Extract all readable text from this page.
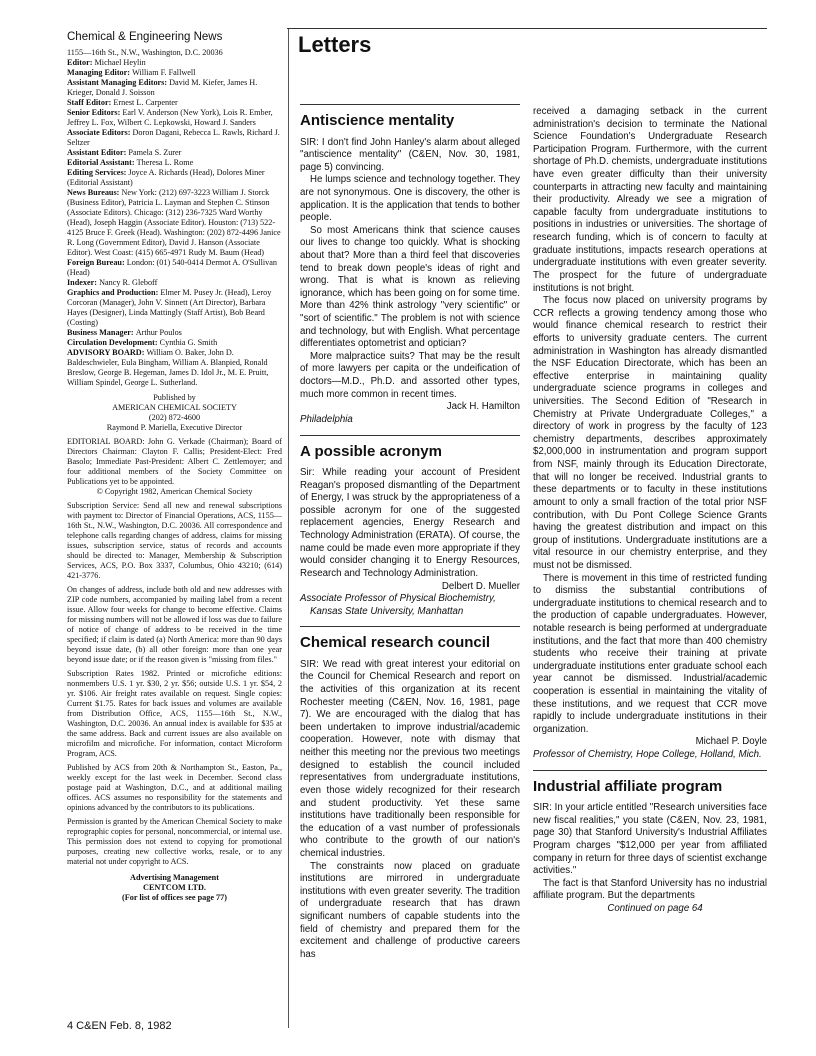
Chemical & Engineering News

1155—16th St., N.W., Washington, D.C. 20036

Editor: Michael Heylin

Managing Editor: William F. Fallwell

Assistant Managing Editors: David M. Kiefer, James H. Krieger, Donald J. Soisson

Staff Editor: Ernest L. Carpenter

Senior Editors: Earl V. Anderson (New York), Lois R. Ember, Jeffrey L. Fox, Wilbert C. Lepkowski, Howard J. Sanders

Associate Editors: Doron Dagani, Rebecca L. Rawls, Richard J. Seltzer

Assistant Editor: Pamela S. Zurer

Editorial Assistant: Theresa L. Rome

Editing Services: Joyce A. Richards (Head), Dolores Miner (Editorial Assistant)

News Bureaus: New York: (212) 697-3223 William J. Storck (Business Editor), Patricia L. Layman and Stephen C. Stinson (Associate Editors). Chicago: (312) 236-7325 Ward Worthy (Head), Joseph Haggin (Associate Editor). Houston: (713) 522-4125 Bruce F. Greek (Head). Washington: (202) 872-4496 Janice R. Long (Government Editor), David J. Hanson (Associate Editor). West Coast: (415) 665-4971 Rudy M. Baum (Head)

Foreign Bureau: London: (01) 540-0414 Dermot A. O'Sullivan (Head)

Indexer: Nancy R. Gleboff

Graphics and Production: Elmer M. Pusey Jr. (Head), Leroy Corcoran (Manager), John V. Sinnett (Art Director), Barbara Hayes (Designer), Linda Mattingly (Staff Artist), Bob Beard (Costing)

Business Manager: Arthur Poulos

Circulation Development: Cynthia G. Smith

ADVISORY BOARD: William O. Baker, John D. Baldeschwieler, Eula Bingham, William A. Blanpied, Ronald Breslow, George B. Hegeman, James D. Idol Jr., M. E. Pruitt, William Spindel, George L. Sutherland.

Published by

AMERICAN CHEMICAL SOCIETY

(202) 872-4600

Raymond P. Mariella, Executive Director

EDITORIAL BOARD: John G. Verkade (Chairman); Board of Directors Chairman: Clayton F. Callis; President-Elect: Fred Basolo; Immediate Past-President: Albert C. Zettlemoyer; and four additional members of the Society Committee on Publications yet to be appointed.

© Copyright 1982, American Chemical Society

Subscription Service: Send all new and renewal subscriptions with payment to: Director of Financial Operations, ACS, 1155—16th St., N.W., Washington, D.C. 20036. All correspondence and telephone calls regarding changes of address, claims for missing issues, subscription service, status of records and accounts should be directed to: Manager, Membership & Subscription Services, ACS, P.O. Box 3337, Columbus, Ohio 43210; (614) 421-3776.

On changes of address, include both old and new addresses with ZIP code numbers, accompanied by mailing label from a recent issue. Allow four weeks for change to become effective. Claims for missing numbers will not be allowed if loss was due to failure of notice of change of address to be received in the time specified; if claim is dated (a) North America: more than 90 days beyond issue date, (b) all other foreign: more than one year beyond issue date; or if the reason given is "missing from files."

Subscription Rates 1982. Printed or microfiche editions: nonmembers U.S. 1 yr. $30, 2 yr. $56; outside U.S. 1 yr. $54, 2 yr. $106. Air freight rates available on request. Single copies: Current $1.75. Rates for back issues and volumes are available from Distribution Office, ACS, 1155—16th St., N.W., Washington, D.C. 20036. An annual index is available for $35 at the same address. Back and current issues are also available on microfilm and microfiche. For information, contact Microform Program, ACS.

Published by ACS from 20th & Northampton St., Easton, Pa., weekly except for the last week in December. Second class postage paid at Washington, D.C., and at additional mailing offices. ACS assumes no responsibility for the statements and opinions advanced by the contributors to its publications.

Permission is granted by the American Chemical Society to make reprographic copies for personal, noncommercial, or internal use. This permission does not extend to copying for promotional purposes, creating new collective works, resale, or to any material not under copyright to ACS.

Advertising Management

CENTCOM LTD.

(For list of offices see page 77)

Letters
Antiscience mentality

SIR: I don't find John Hanley's alarm about alleged "antiscience mentality" (C&EN, Nov. 30, 1981, page 5) convincing.

He lumps science and technology together. They are not synonymous. One is discovery, the other is application. It is the application that tends to bother people.

So most Americans think that science causes our lives to change too quickly. What is shocking about that? More than a third feel that discoveries tend to break down people's ideas of right and wrong. That is what is known as relieving ignorance, which has been going on for some time. More than 42% think astrology "very scientific" or "sort of scientific." The problem is not with science and technology, but with English. What percentage differentiates optometrist and optician?

More malpractice suits? That may be the result of more lawyers per capita or the undeification of doctors—M.D., Ph.D. and assorted other types, much more common in recent times.

Jack H. Hamilton

Philadelphia

A possible acronym

Sir: While reading your account of President Reagan's proposed dismantling of the Department of Energy, I was struck by the appropriateness of a possible acronym for one of the suggested replacement agencies, Energy Research and Technology Administration (ERATA). Of course, the name could be made even more appropriate if they would consider changing it to Energy Resources, Research and Technology Administration.

Delbert D. Mueller

Associate Professor of Physical Biochemistry,

Kansas State University, Manhattan

Chemical research council

SIR: We read with great interest your editorial on the Council for Chemical Research and report on the activities of this organization at its recent Rochester meeting (C&EN, Nov. 16, 1981, page 7). We are encouraged with the dialog that has been undertaken to improve industrial/academic cooperation. However, note with dismay that neither this meeting nor the previous two meetings designed to establish the council included representatives from undergraduate institutions, even those widely recognized for their research and student productivity. Yet these same institutions have traditionally been responsible for the education of a vast number of professionals who contribute to the growth of our nation's chemical industries.

The constraints now placed on graduate institutions are mirrored in undergraduate institutions with even greater severity. The tradition of undergraduate research that has drawn significant numbers of capable students into the field of chemistry and prepared them for the excitement and challenge of productive careers has

received a damaging setback in the current administration's decision to terminate the National Science Foundation's Undergraduate Research Participation Program. Furthermore, with the current shortage of Ph.D. chemists, undergraduate institutions have even greater difficulty than their university counterparts in attracting new faculty and maintaining their productivity. Already we see a migration of capable faculty from undergraduate institutions to positions in industries or universities. The shortage of research funding, which is of concern to faculty at graduate institutions, impacts research operations at undergraduate institutions with even greater severity. The prospect for the future of undergraduate institutions is not bright.

The focus now placed on university programs by CCR reflects a growing tendency among those who would finance chemical research to restrict their efforts to university graduate centers. The current administration in Washington has already dismantled the NSF Education Directorate, which has been an effective enterprise in maintaining quality undergraduate science programs in colleges and universities. The Second Edition of "Research in Chemistry at Private Undergraduate Colleges," a directory of work in progress by the faculty of 123 chemistry departments, describes approximately $2,000,000 in instrumentation and program support from NSF, mainly through its Education Directorate, that will no longer be received. Industrial grants to these departments or to faculty in these institutions amount to only a small fraction of the total prior NSF contribution, with Du Pont College Science Grants having the greatest distribution and impact on this group of institutions. Undergraduate institutions are a vital resource in our chemistry enterprise, and they must not be dismissed.

There is movement in this time of restricted funding to dismiss the substantial contributions of undergraduate institutions to chemical research and to the production of capable undergraduates. However, notable research is being performed at undergraduate institutions, and the fact that more than 400 chemistry students who receive their training at private undergraduate institutions enter graduate school each year cannot be dismissed. Industrial/academic cooperation is essential in maintaining the vitality of these institutions, and we request that CCR move rapidly to include undergraduate institutions in their organization.

Michael P. Doyle

Professor of Chemistry, Hope College, Holland, Mich.

Industrial affiliate program

SIR: In your article entitled "Research universities face new fiscal realities," you state (C&EN, Nov. 23, 1981, page 30) that Stanford University's Industrial Affiliates Program charges "$12,000 per year from affiliated company in return for three days of scientist exchange activities."

The fact is that Stanford University has no industrial affiliate program. But the departments

Continued on page 64

4 C&EN Feb. 8, 1982
